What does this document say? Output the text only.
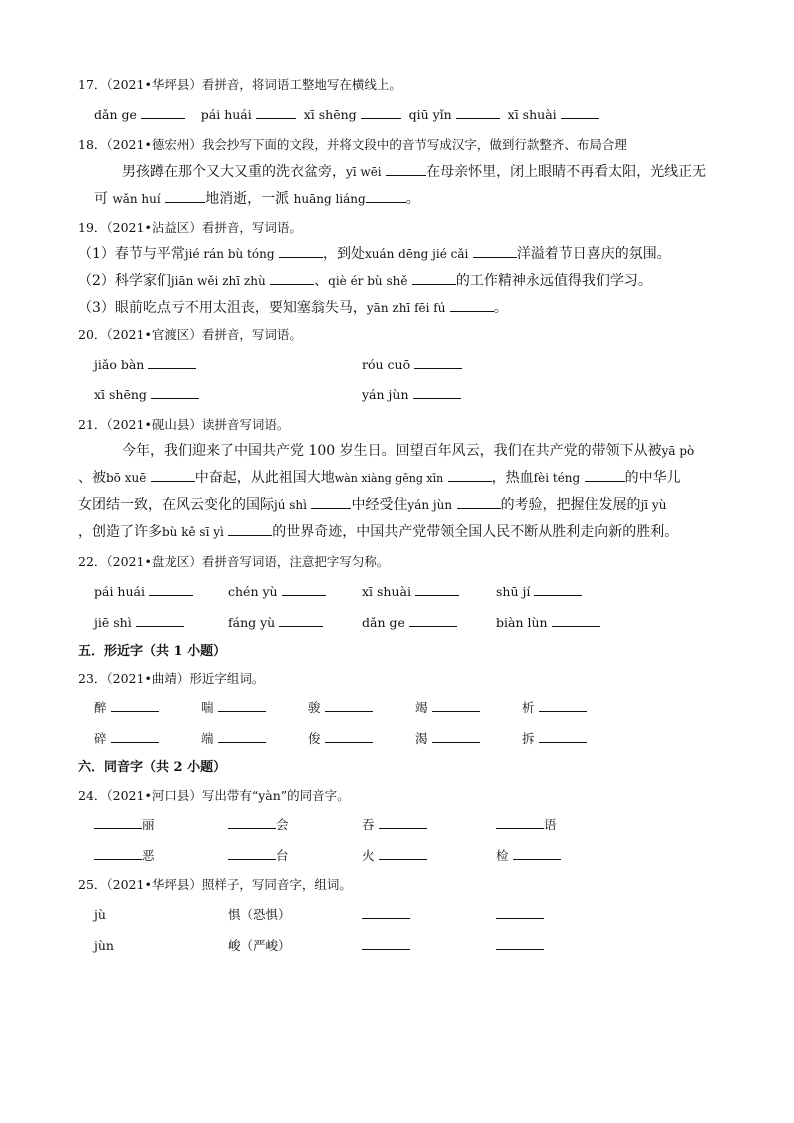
17．（2021•华坪县）看拼音，将词语工整地写在横线上。
dǎn ge	pái huái	xī shēng	qiū yǐn	xī shuài
18．（2021•德宏州）我会抄写下面的文段，并将文段中的音节写成汉字，做到行款整齐、布局合理
男孩蹲在那个又大又重的洗衣盆旁，yī wēi	在母亲怀里，闭上眼睛不再看太阳，光线正无
可 wǎn huí	地消逝，一派 huāng liáng	。
19．（2021•沾益区）看拼音，写词语。
（1）春节与平常jié rán bù tóng	，到处xuán dēng jié cǎi	洋溢着节日喜庆的氛围。
（2）科学家们jiān wěi zhī zhù	、qiè ér bù shě	的工作精神永远值得我们学习。
（3）眼前吃点亏不用太沮丧，要知塞翁失马，yān zhī fēi fú	。
20．（2021•官渡区）看拼音，写词语。
jiǎo bàn	róu cuō
xī shēng	yán jùn
21．（2021•砚山县）读拼音写词语。
今年，我们迎来了中国共产党 100 岁生日。回望百年风云，我们在共产党的带领下从被yā pò
、被bō xuē	中奋起，从此祖国大地wàn xiàng gēng xīn	，热血fèi téng	的中华儿
女团结一致，在风云变化的国际jú shì	中经受住yán jùn	的考验，把握住发展的jī yù
，创造了许多bù kě sī yì	的世界奇迹，中国共产党带领全国人民不断从胜利走向新的胜利。
22．（2021•盘龙区）看拼音写词语，注意把字写匀称。
pái huái	chén yù	xī shuài	shū jí
jiē shì	fáng yù	dǎn ge	biàn lùn
五．形近字（共 1 小题）
23．（2021•曲靖）形近字组词。
醉	喘	骏	竭	析
碎	端	俊	渴	拆
六．同音字（共 2 小题）
24．（2021•河口县）写出带有“yàn”的同音字。
丽	会	吞	语
恶	台	火	检
25．（2021•华坪县）照样子，写同音字，组词。
jù	惧（恐惧）
jùn	峻（严峻）
